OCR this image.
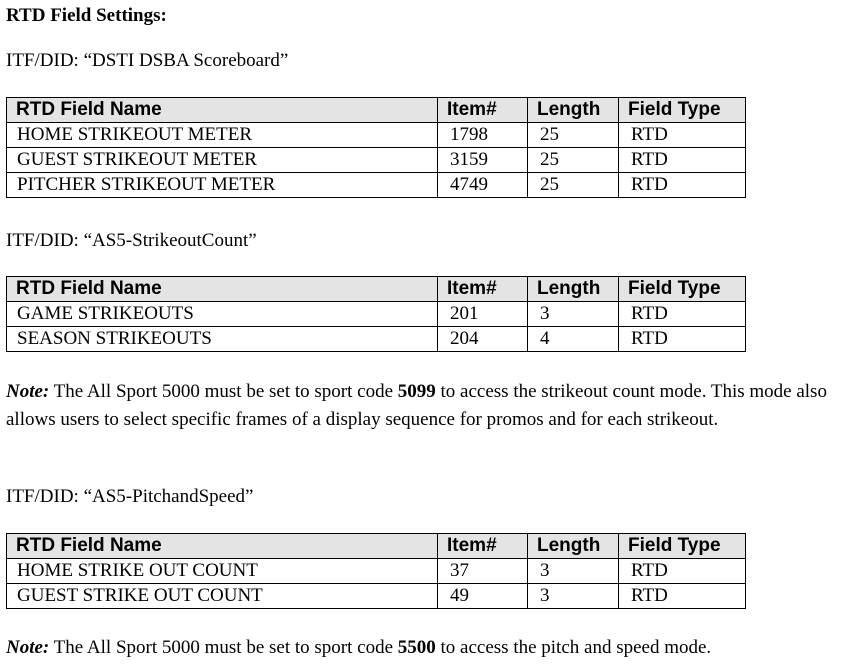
RTD Field Settings:
ITF/DID: “DSTI DSBA Scoreboard”
RTD Field Name	Item#	Length	Field Type
HOME STRIKEOUT METER	1798	25	RTD
GUEST STRIKEOUT METER	3159	25	RTD
PITCHER STRIKEOUT METER	4749	25	RTD
ITF/DID: “AS5-StrikeoutCount”
RTD Field Name	Item#	Length	Field Type
GAME STRIKEOUTS	201	3	RTD
SEASON STRIKEOUTS	204	4	RTD
Note: The All Sport 5000 must be set to sport code 5099 to access the strikeout count mode. This mode also allows users to select specific frames of a display sequence for promos and for each strikeout.
ITF/DID: “AS5-PitchandSpeed”
RTD Field Name	Item#	Length	Field Type
HOME STRIKE OUT COUNT	37	3	RTD
GUEST STRIKE OUT COUNT	49	3	RTD
Note: The All Sport 5000 must be set to sport code 5500 to access the pitch and speed mode.
